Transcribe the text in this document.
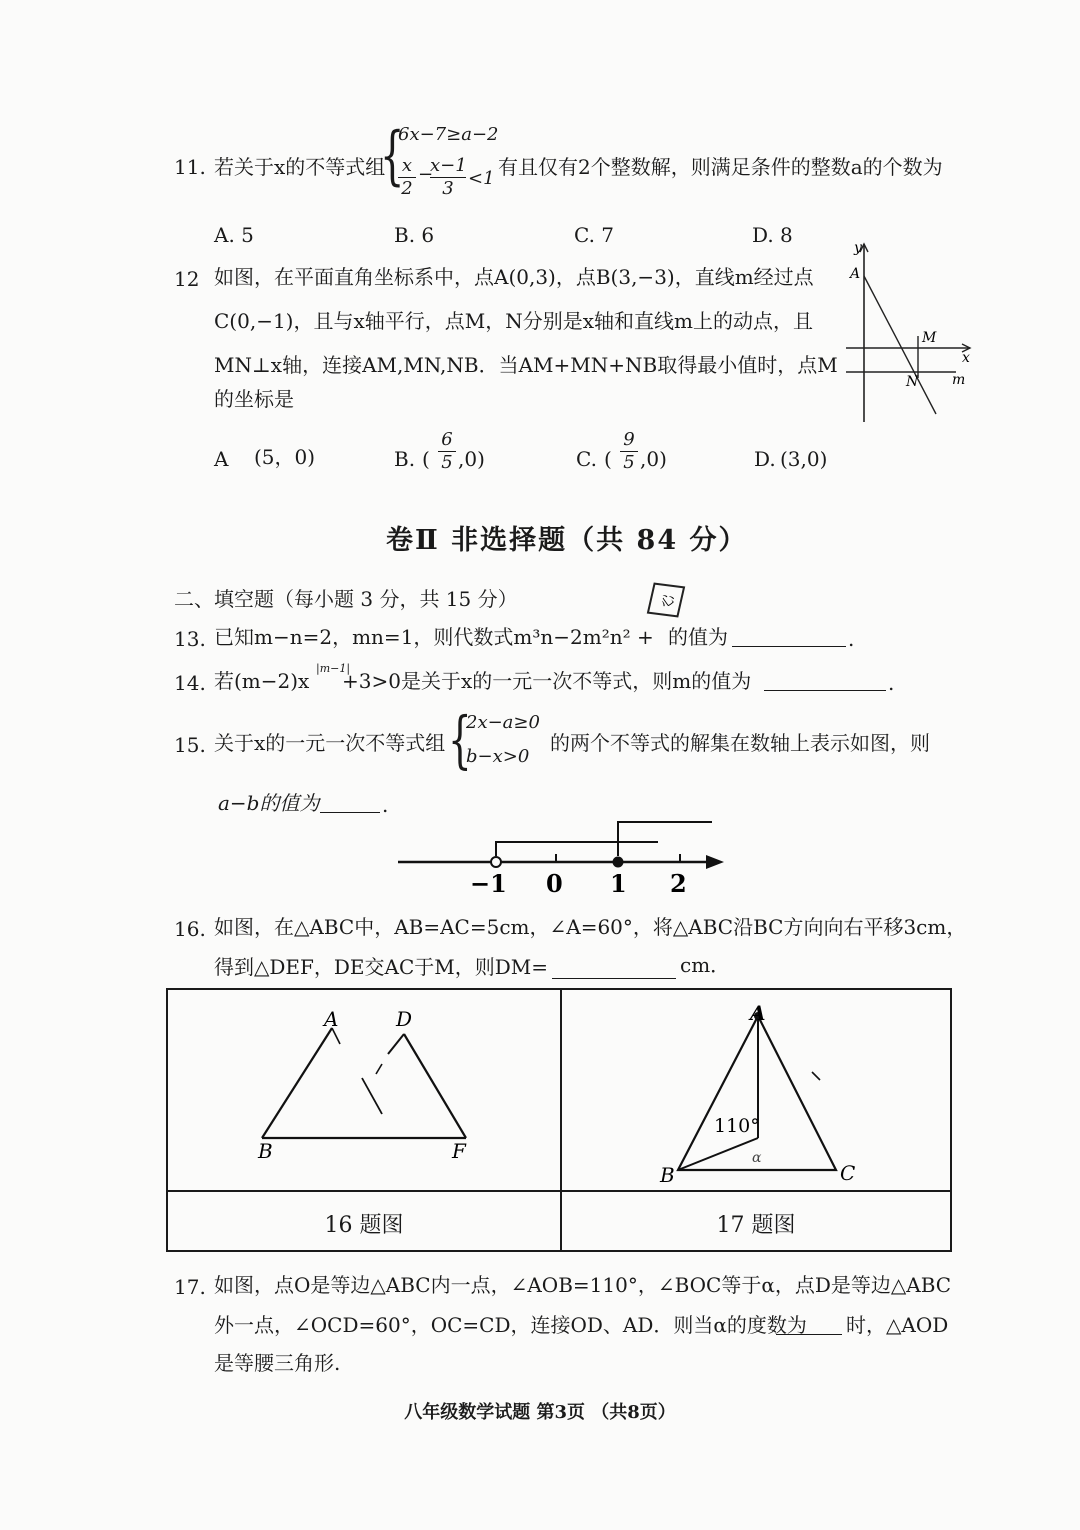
11. 若关于x的不等式组
{
6x−7≥a−2
x
2
−
x−1
3 <1 有且仅有2个整数解，则满足条件的整数a的个数为
A. 5	B. 6	C. 7	D. 8
12 如图，在平面直角坐标系中，点A(0,3)，点B(3,−3)，直线m经过点
C(0,−1)，且与x轴平行，点M，N分别是x轴和直线m上的动点，且
MN⊥x轴，连接AM,MN,NB．当AM+MN+NB取得最小值时，点M
的坐标是
y
A
M
x
N m
A (5，0)	B. (
6
5 ,0)	C. (
9
5 ,0)	D. (3,0)
卷Ⅱ 非选择题（共 84 分）
二、填空题（每小题 3 分，共 15 分）
13. 已知m−n=2，mn=1，则代数式m³n−2m²n² +
心
的值为	.
14. 若(m−2)x
|m−1|
+3>0是关于x的一元一次不等式，则m的值为	.
15. 关于x的一元一次不等式组 {
2x−a≥0
b−x>0
的两个不等式的解集在数轴上表示如图，则
a−b的值为	.
−1 0 1 2
16. 如图，在△ABC中，AB=AC=5cm，∠A=60°，将△ABC沿BC方向向右平移3cm，
得到△DEF，DE交AC于M，则DM=	cm．
16 题图	17 题图
A	D
B	F
A
B	C
110°
α
17. 如图，点O是等边△ABC内一点，∠AOB=110°，∠BOC等于α，点D是等边△ABC
外一点，∠OCD=60°，OC=CD，连接OD、AD．则当α的度数为 时，△AOD
是等腰三角形.
八年级数学试题 第3页 （共8页）
